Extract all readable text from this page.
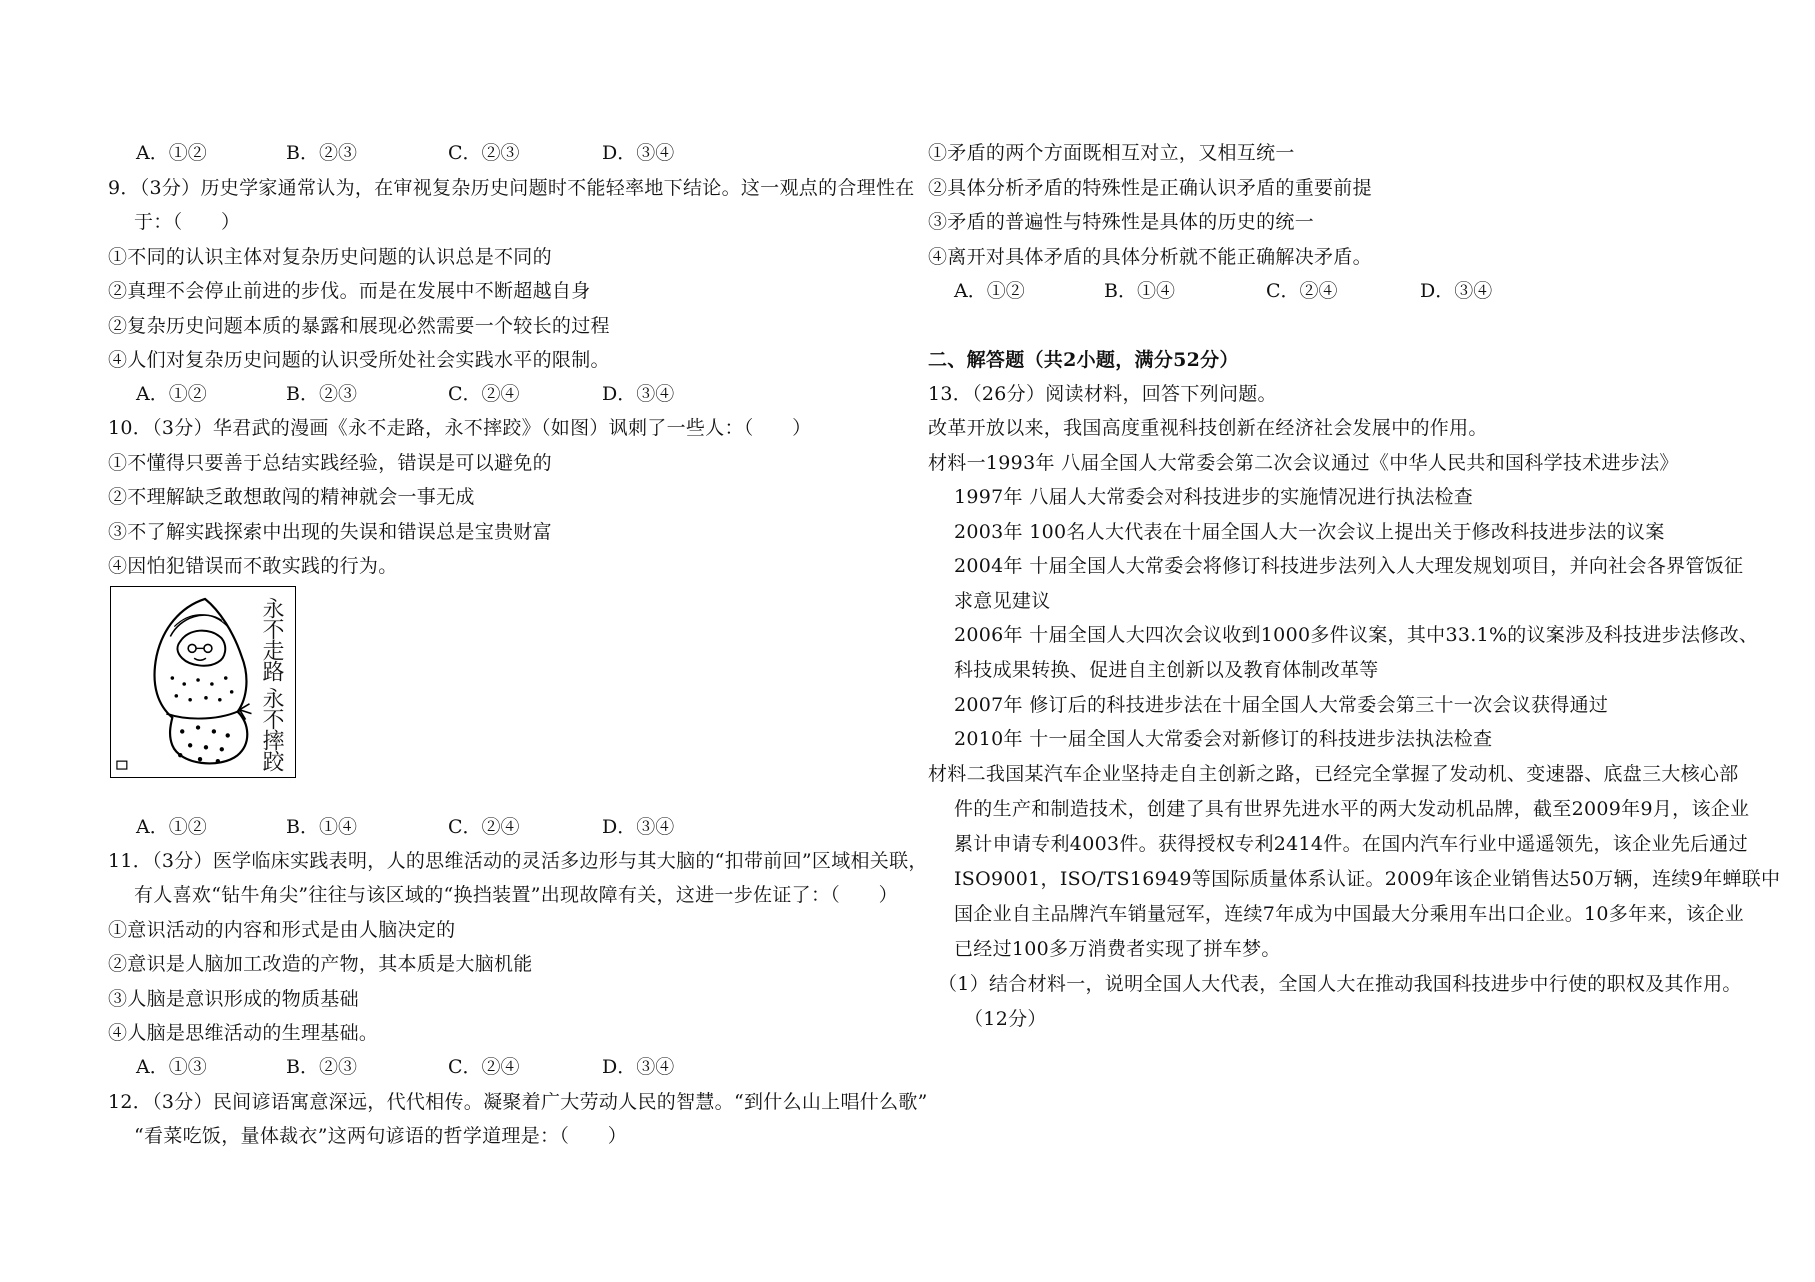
A．①②	B．②③	C．②③	D．③④
9．（3分）历史学家通常认为，在审视复杂历史问题时不能轻率地下结论。这一观点的合理性在
于：（　　）
①不同的认识主体对复杂历史问题的认识总是不同的
②真理不会停止前进的步伐。而是在发展中不断超越自身
②复杂历史问题本质的暴露和展现必然需要一个较长的过程
④人们对复杂历史问题的认识受所处社会实践水平的限制。
A．①②	B．②③	C．②④	D．③④
10．（3分）华君武的漫画《永不走路，永不摔跤》（如图）讽刺了一些人：（　　）
①不懂得只要善于总结实践经验，错误是可以避免的
②不理解缺乏敢想敢闯的精神就会一事无成
③不了解实践探索中出现的失误和错误总是宝贵财富
④因怕犯错误而不敢实践的行为。
永不走路 永不摔跤
A．①②	B．①④	C．②④	D．③④
11．（3分）医学临床实践表明，人的思维活动的灵活多边形与其大脑的“扣带前回”区域相关联，
有人喜欢“钻牛角尖”往往与该区域的“换挡装置”出现故障有关，这进一步佐证了：（　　）
①意识活动的内容和形式是由人脑决定的
②意识是人脑加工改造的产物，其本质是大脑机能
③人脑是意识形成的物质基础
④人脑是思维活动的生理基础。
A．①③	B．②③	C．②④	D．③④
12．（3分）民间谚语寓意深远，代代相传。凝聚着广大劳动人民的智慧。“到什么山上唱什么歌”
“看菜吃饭，量体裁衣”这两句谚语的哲学道理是：（　　）
①矛盾的两个方面既相互对立，又相互统一
②具体分析矛盾的特殊性是正确认识矛盾的重要前提
③矛盾的普遍性与特殊性是具体的历史的统一
④离开对具体矛盾的具体分析就不能正确解决矛盾。
A．①②	B．①④	C．②④	D．③④
二、解答题（共2小题，满分52分）
13．（26分）阅读材料，回答下列问题。
改革开放以来，我国高度重视科技创新在经济社会发展中的作用。
材料一1993年 八届全国人大常委会第二次会议通过《中华人民共和国科学技术进步法》
1997年 八届人大常委会对科技进步的实施情况进行执法检查
2003年 100名人大代表在十届全国人大一次会议上提出关于修改科技进步法的议案
2004年 十届全国人大常委会将修订科技进步法列入人大理发规划项目，并向社会各界管饭征
求意见建议
2006年 十届全国人大四次会议收到1000多件议案，其中33.1%的议案涉及科技进步法修改、
科技成果转换、促进自主创新以及教育体制改革等
2007年 修订后的科技进步法在十届全国人大常委会第三十一次会议获得通过
2010年 十一届全国人大常委会对新修订的科技进步法执法检查
材料二我国某汽车企业坚持走自主创新之路，已经完全掌握了发动机、变速器、底盘三大核心部
件的生产和制造技术，创建了具有世界先进水平的两大发动机品牌，截至2009年9月，该企业
累计申请专利4003件。获得授权专利2414件。在国内汽车行业中遥遥领先，该企业先后通过
ISO9001，ISO/TS16949等国际质量体系认证。2009年该企业销售达50万辆，连续9年蝉联中
国企业自主品牌汽车销量冠军，连续7年成为中国最大分乘用车出口企业。10多年来，该企业
已经过100多万消费者实现了拼车梦。
（1）结合材料一，说明全国人大代表，全国人大在推动我国科技进步中行使的职权及其作用。
（12分）
